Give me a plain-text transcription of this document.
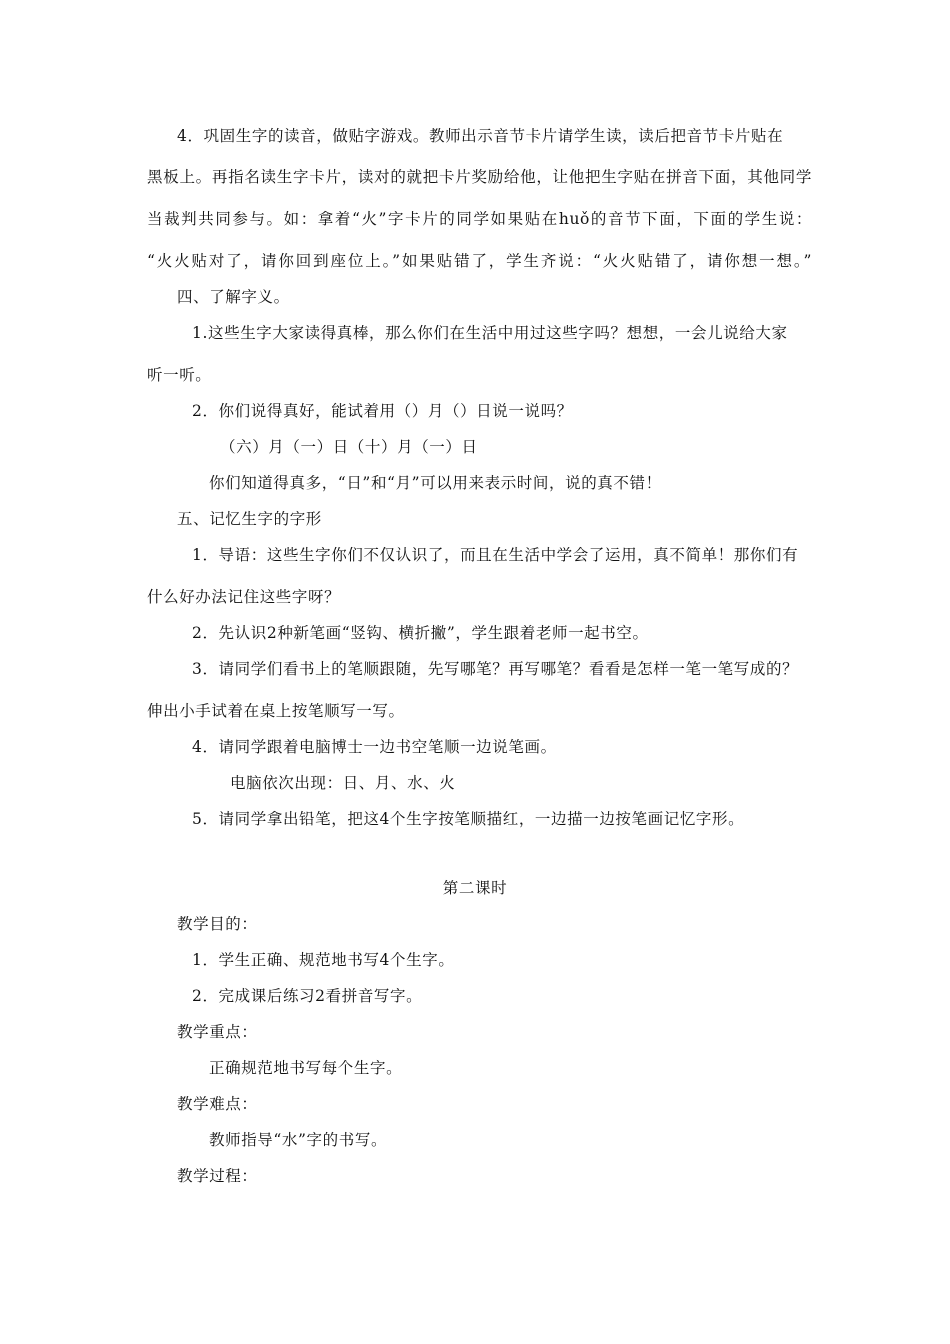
4．巩固生字的读音，做贴字游戏。教师出示音节卡片请学生读，读后把音节卡片贴在
黑板上。再指名读生字卡片，读对的就把卡片奖励给他，让他把生字贴在拼音下面，其他同学
当裁判共同参与。如：拿着“火”字卡片的同学如果贴在huǒ的音节下面，下面的学生说：
“火火贴对了，请你回到座位上。”如果贴错了，学生齐说：“火火贴错了，请你想一想。”
四、了解字义。
1.这些生字大家读得真棒，那么你们在生活中用过这些字吗？想想，一会儿说给大家
听一听。
2．你们说得真好，能试着用（）月（）日说一说吗？
（六）月（一）日（十）月（一）日
你们知道得真多，“日”和“月”可以用来表示时间，说的真不错！
五、记忆生字的字形
1．导语：这些生字你们不仅认识了，而且在生活中学会了运用，真不简单！那你们有
什么好办法记住这些字呀？
2．先认识2种新笔画“竖钩、横折撇”，学生跟着老师一起书空。
3．请同学们看书上的笔顺跟随，先写哪笔？再写哪笔？看看是怎样一笔一笔写成的？
伸出小手试着在桌上按笔顺写一写。
4．请同学跟着电脑博士一边书空笔顺一边说笔画。
电脑依次出现：日、月、水、火
5．请同学拿出铅笔，把这4个生字按笔顺描红，一边描一边按笔画记忆字形。
第二课时
教学目的：
1．学生正确、规范地书写4个生字。
2．完成课后练习2看拼音写字。
教学重点：
正确规范地书写每个生字。
教学难点：
教师指导“水”字的书写。
教学过程：
